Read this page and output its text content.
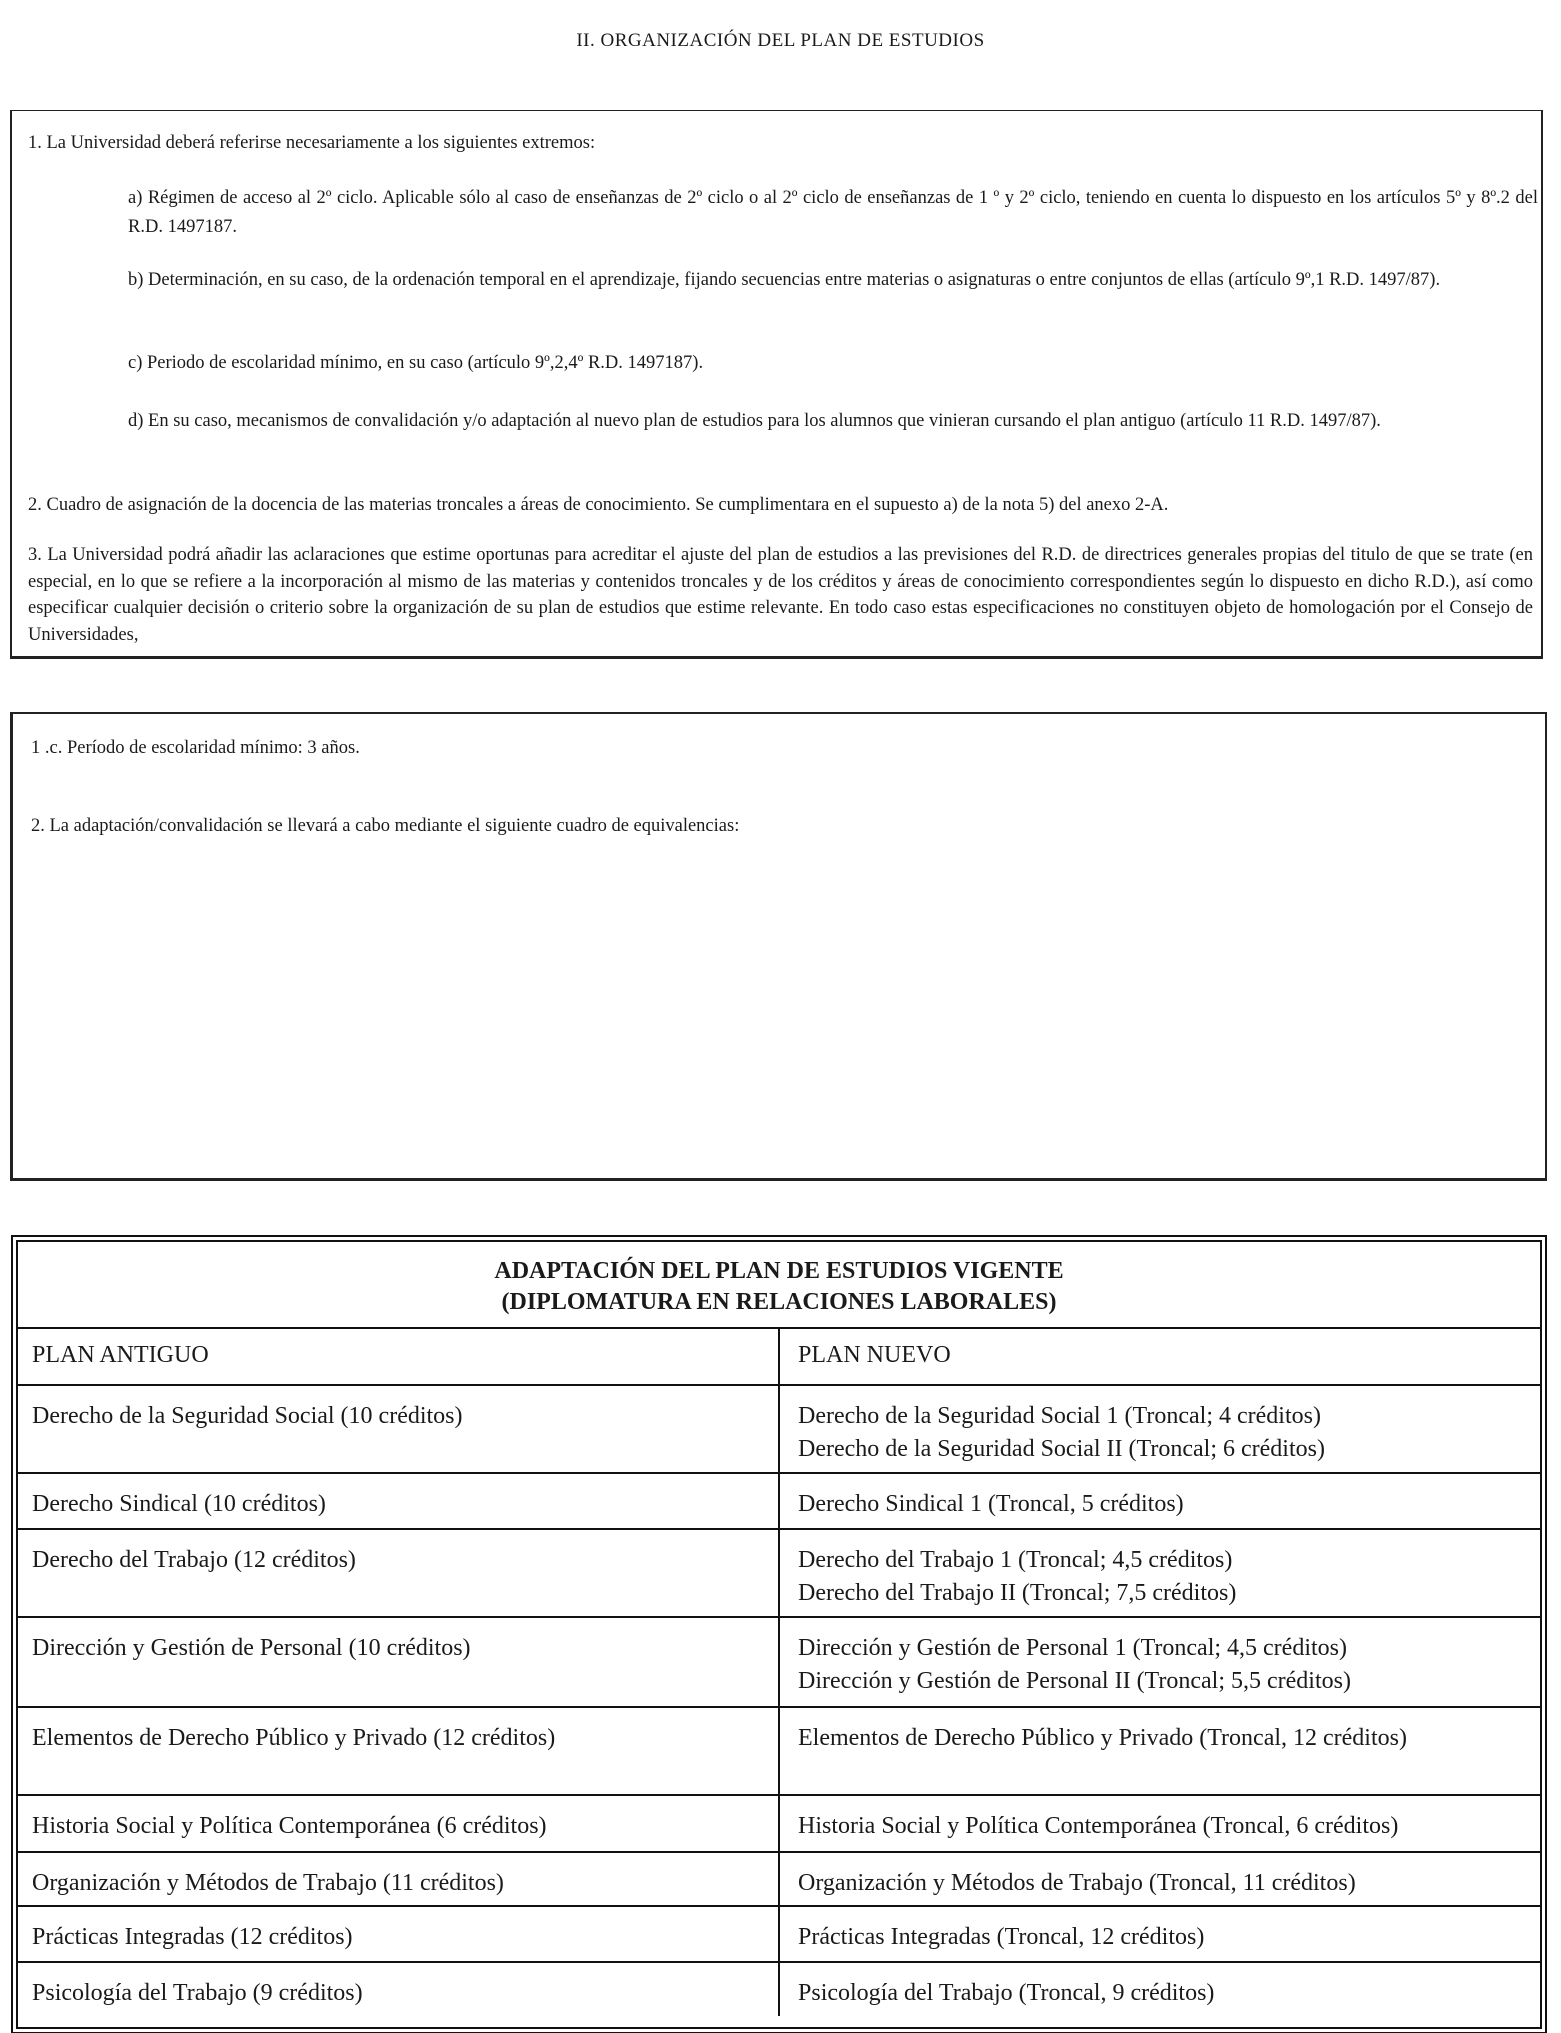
II. ORGANIZACIÓN DEL PLAN DE ESTUDIOS

1. La Universidad deberá referirse necesariamente a los siguientes extremos:

a) Régimen de acceso al 2º ciclo. Aplicable sólo al caso de enseñanzas de 2º ciclo o al 2º ciclo de enseñanzas de 1 º y 2º ciclo, teniendo en cuenta lo dispuesto en los artículos 5º y 8º.2 del R.D. 1497187.

b) Determinación, en su caso, de la ordenación temporal en el aprendizaje, fijando secuencias entre materias o asignaturas o entre conjuntos de ellas (artículo 9º,1 R.D. 1497/87).

c) Periodo de escolaridad mínimo, en su caso (artículo 9º,2,4º R.D. 1497187).

d) En su caso, mecanismos de convalidación y/o adaptación al nuevo plan de estudios para los alumnos que vinieran cursando el plan antiguo (artículo 11 R.D. 1497/87).

2. Cuadro de asignación de la docencia de las materias troncales a áreas de conocimiento. Se cumplimentara en el supuesto a) de la nota 5) del anexo 2-A.

3. La Universidad podrá añadir las aclaraciones que estime oportunas para acreditar el ajuste del plan de estudios a las previsiones del R.D. de directrices generales propias del titulo de que se trate (en especial, en lo que se refiere a la incorporación al mismo de las materias y contenidos troncales y de los créditos y áreas de conocimiento correspondientes según lo dispuesto en dicho R.D.), así como especificar cualquier decisión o criterio sobre la organización de su plan de estudios que estime relevante. En todo caso estas especificaciones no constituyen objeto de homologación por el Consejo de Universidades,

1 .c. Período de escolaridad mínimo: 3 años.

2. La adaptación/convalidación se llevará a cabo mediante el siguiente cuadro de equivalencias:

ADAPTACIÓN DEL PLAN DE ESTUDIOS VIGENTE
(DIPLOMATURA EN RELACIONES LABORALES)
PLAN ANTIGUO	PLAN NUEVO
Derecho de la Seguridad Social (10 créditos)	Derecho de la Seguridad Social 1 (Troncal; 4 créditos)
Derecho de la Seguridad Social II (Troncal; 6 créditos)

Derecho Sindical (10 créditos)	Derecho Sindical 1 (Troncal, 5 créditos)

Derecho del Trabajo (12 créditos)	Derecho del Trabajo 1 (Troncal; 4,5 créditos)
Derecho del Trabajo II (Troncal; 7,5 créditos)

Dirección y Gestión de Personal (10 créditos)	Dirección y Gestión de Personal 1 (Troncal; 4,5 créditos)
Dirección y Gestión de Personal II (Troncal; 5,5 créditos)

Elementos de Derecho Público y Privado (12 créditos)	Elementos de Derecho Público y Privado (Troncal, 12 créditos)

Historia Social y Política Contemporánea (6 créditos)	Historia Social y Política Contemporánea (Troncal, 6 créditos)

Organización y Métodos de Trabajo (11 créditos)	Organización y Métodos de Trabajo (Troncal, 11 créditos)

Prácticas Integradas (12 créditos)	Prácticas Integradas (Troncal, 12 créditos)

Psicología del Trabajo (9 créditos)	Psicología del Trabajo (Troncal, 9 créditos)
